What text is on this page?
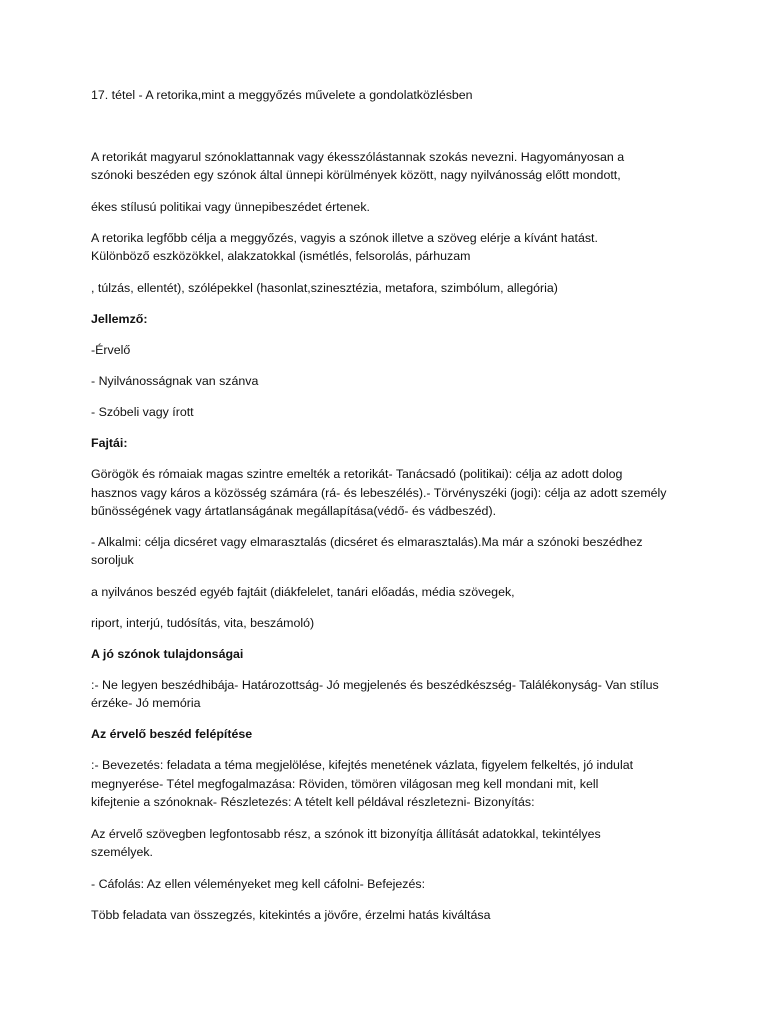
17. tétel - A retorika,mint a meggyőzés művelete a gondolatközlésben
A retorikát magyarul szónoklattannak vagy ékesszólástannak szokás nevezni. Hagyományosan a
szónoki beszéden egy szónok által ünnepi körülmények között, nagy nyilvánosság előtt mondott,
ékes stílusú politikai vagy ünnepibeszédet értenek.
A retorika legfőbb célja a meggyőzés, vagyis a szónok illetve a szöveg elérje a kívánt hatást.
Különböző eszközökkel, alakzatokkal (ismétlés, felsorolás, párhuzam
, túlzás, ellentét), szólépekkel (hasonlat,szinesztézia, metafora, szimbólum, allegória)
Jellemző:
-Érvelő
- Nyilvánosságnak van szánva
- Szóbeli vagy írott
Fajtái:
Görögök és rómaiak magas szintre emelték a retorikát- Tanácsadó (politikai): célja az adott dolog
hasznos vagy káros a közösség számára (rá- és lebeszélés).- Törvényszéki (jogi): célja az adott személy
bűnösségének vagy ártatlanságának megállapítása(védő- és vádbeszéd).
- Alkalmi: célja dicséret vagy elmarasztalás (dicséret és elmarasztalás).Ma már a szónoki beszédhez
soroljuk
a nyilvános beszéd egyéb fajtáit (diákfelelet, tanári előadás, média szövegek,
riport, interjú, tudósítás, vita, beszámoló)
A jó szónok tulajdonságai
:- Ne legyen beszédhibája- Határozottság- Jó megjelenés és beszédkészség- Találékonyság- Van stílus
érzéke- Jó memória
Az érvelő beszéd felépítése
:- Bevezetés: feladata a téma megjelölése, kifejtés menetének vázlata, figyelem felkeltés, jó indulat
megnyerése- Tétel megfogalmazása: Röviden, tömören világosan meg kell mondani mit, kell
kifejtenie a szónoknak- Részletezés: A tételt kell példával részletezni- Bizonyítás:
Az érvelő szövegben legfontosabb rész, a szónok itt bizonyítja állítását adatokkal, tekintélyes
személyek.
- Cáfolás: Az ellen véleményeket meg kell cáfolni- Befejezés:
Több feladata van összegzés, kitekintés a jövőre, érzelmi hatás kiváltása
